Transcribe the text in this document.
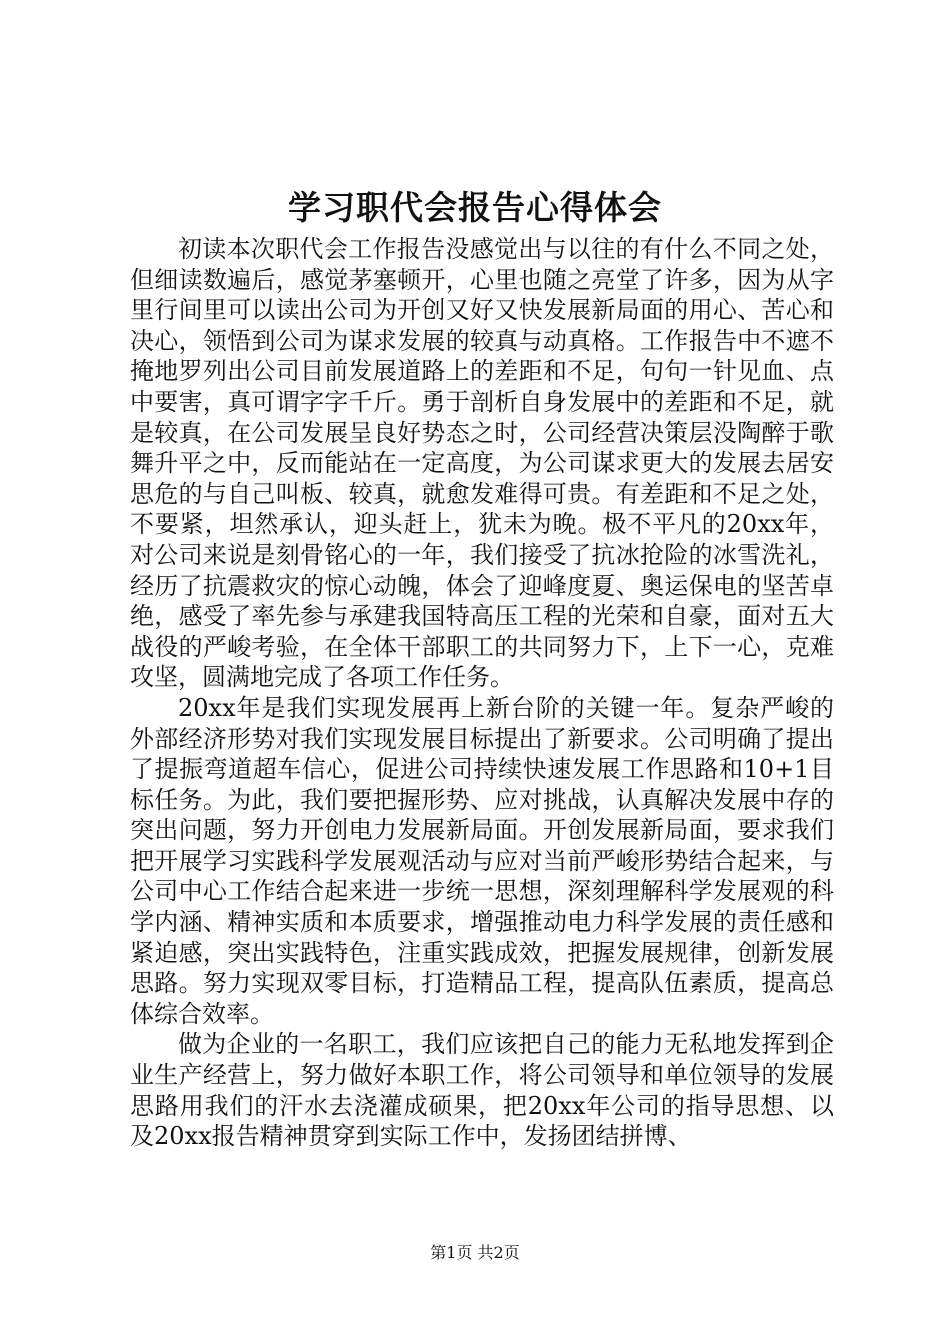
学习职代会报告心得体会

初读本次职代会工作报告没感觉出与以往的有什么不同之处，但细读数遍后，感觉茅塞顿开，心里也随之亮堂了许多，因为从字里行间里可以读出公司为开创又好又快发展新局面的用心、苦心和决心，领悟到公司为谋求发展的较真与动真格。工作报告中不遮不掩地罗列出公司目前发展道路上的差距和不足，句句一针见血、点中要害，真可谓字字千斤。勇于剖析自身发展中的差距和不足，就是较真，在公司发展呈良好势态之时，公司经营决策层没陶醉于歌舞升平之中，反而能站在一定高度，为公司谋求更大的发展去居安思危的与自己叫板、较真，就愈发难得可贵。有差距和不足之处，不要紧，坦然承认，迎头赶上，犹未为晚。极不平凡的20xx年，对公司来说是刻骨铭心的一年，我们接受了抗冰抢险的冰雪洗礼，经历了抗震救灾的惊心动魄，体会了迎峰度夏、奥运保电的坚苦卓绝，感受了率先参与承建我国特高压工程的光荣和自豪，面对五大战役的严峻考验，在全体干部职工的共同努力下，上下一心，克难攻坚，圆满地完成了各项工作任务。

20xx年是我们实现发展再上新台阶的关键一年。复杂严峻的外部经济形势对我们实现发展目标提出了新要求。公司明确了提出了提振弯道超车信心，促进公司持续快速发展工作思路和10+1目标任务。为此，我们要把握形势、应对挑战，认真解决发展中存的突出问题，努力开创电力发展新局面。开创发展新局面，要求我们把开展学习实践科学发展观活动与应对当前严峻形势结合起来，与公司中心工作结合起来进一步统一思想，深刻理解科学发展观的科学内涵、精神实质和本质要求，增强推动电力科学发展的责任感和紧迫感，突出实践特色，注重实践成效，把握发展规律，创新发展思路。努力实现双零目标，打造精品工程，提高队伍素质，提高总体综合效率。

做为企业的一名职工，我们应该把自己的能力无私地发挥到企业生产经营上，努力做好本职工作，将公司领导和单位领导的发展思路用我们的汗水去浇灌成硕果，把20xx年公司的指导思想、以及20xx报告精神贯穿到实际工作中，发扬团结拼博、

第1页 共2页
